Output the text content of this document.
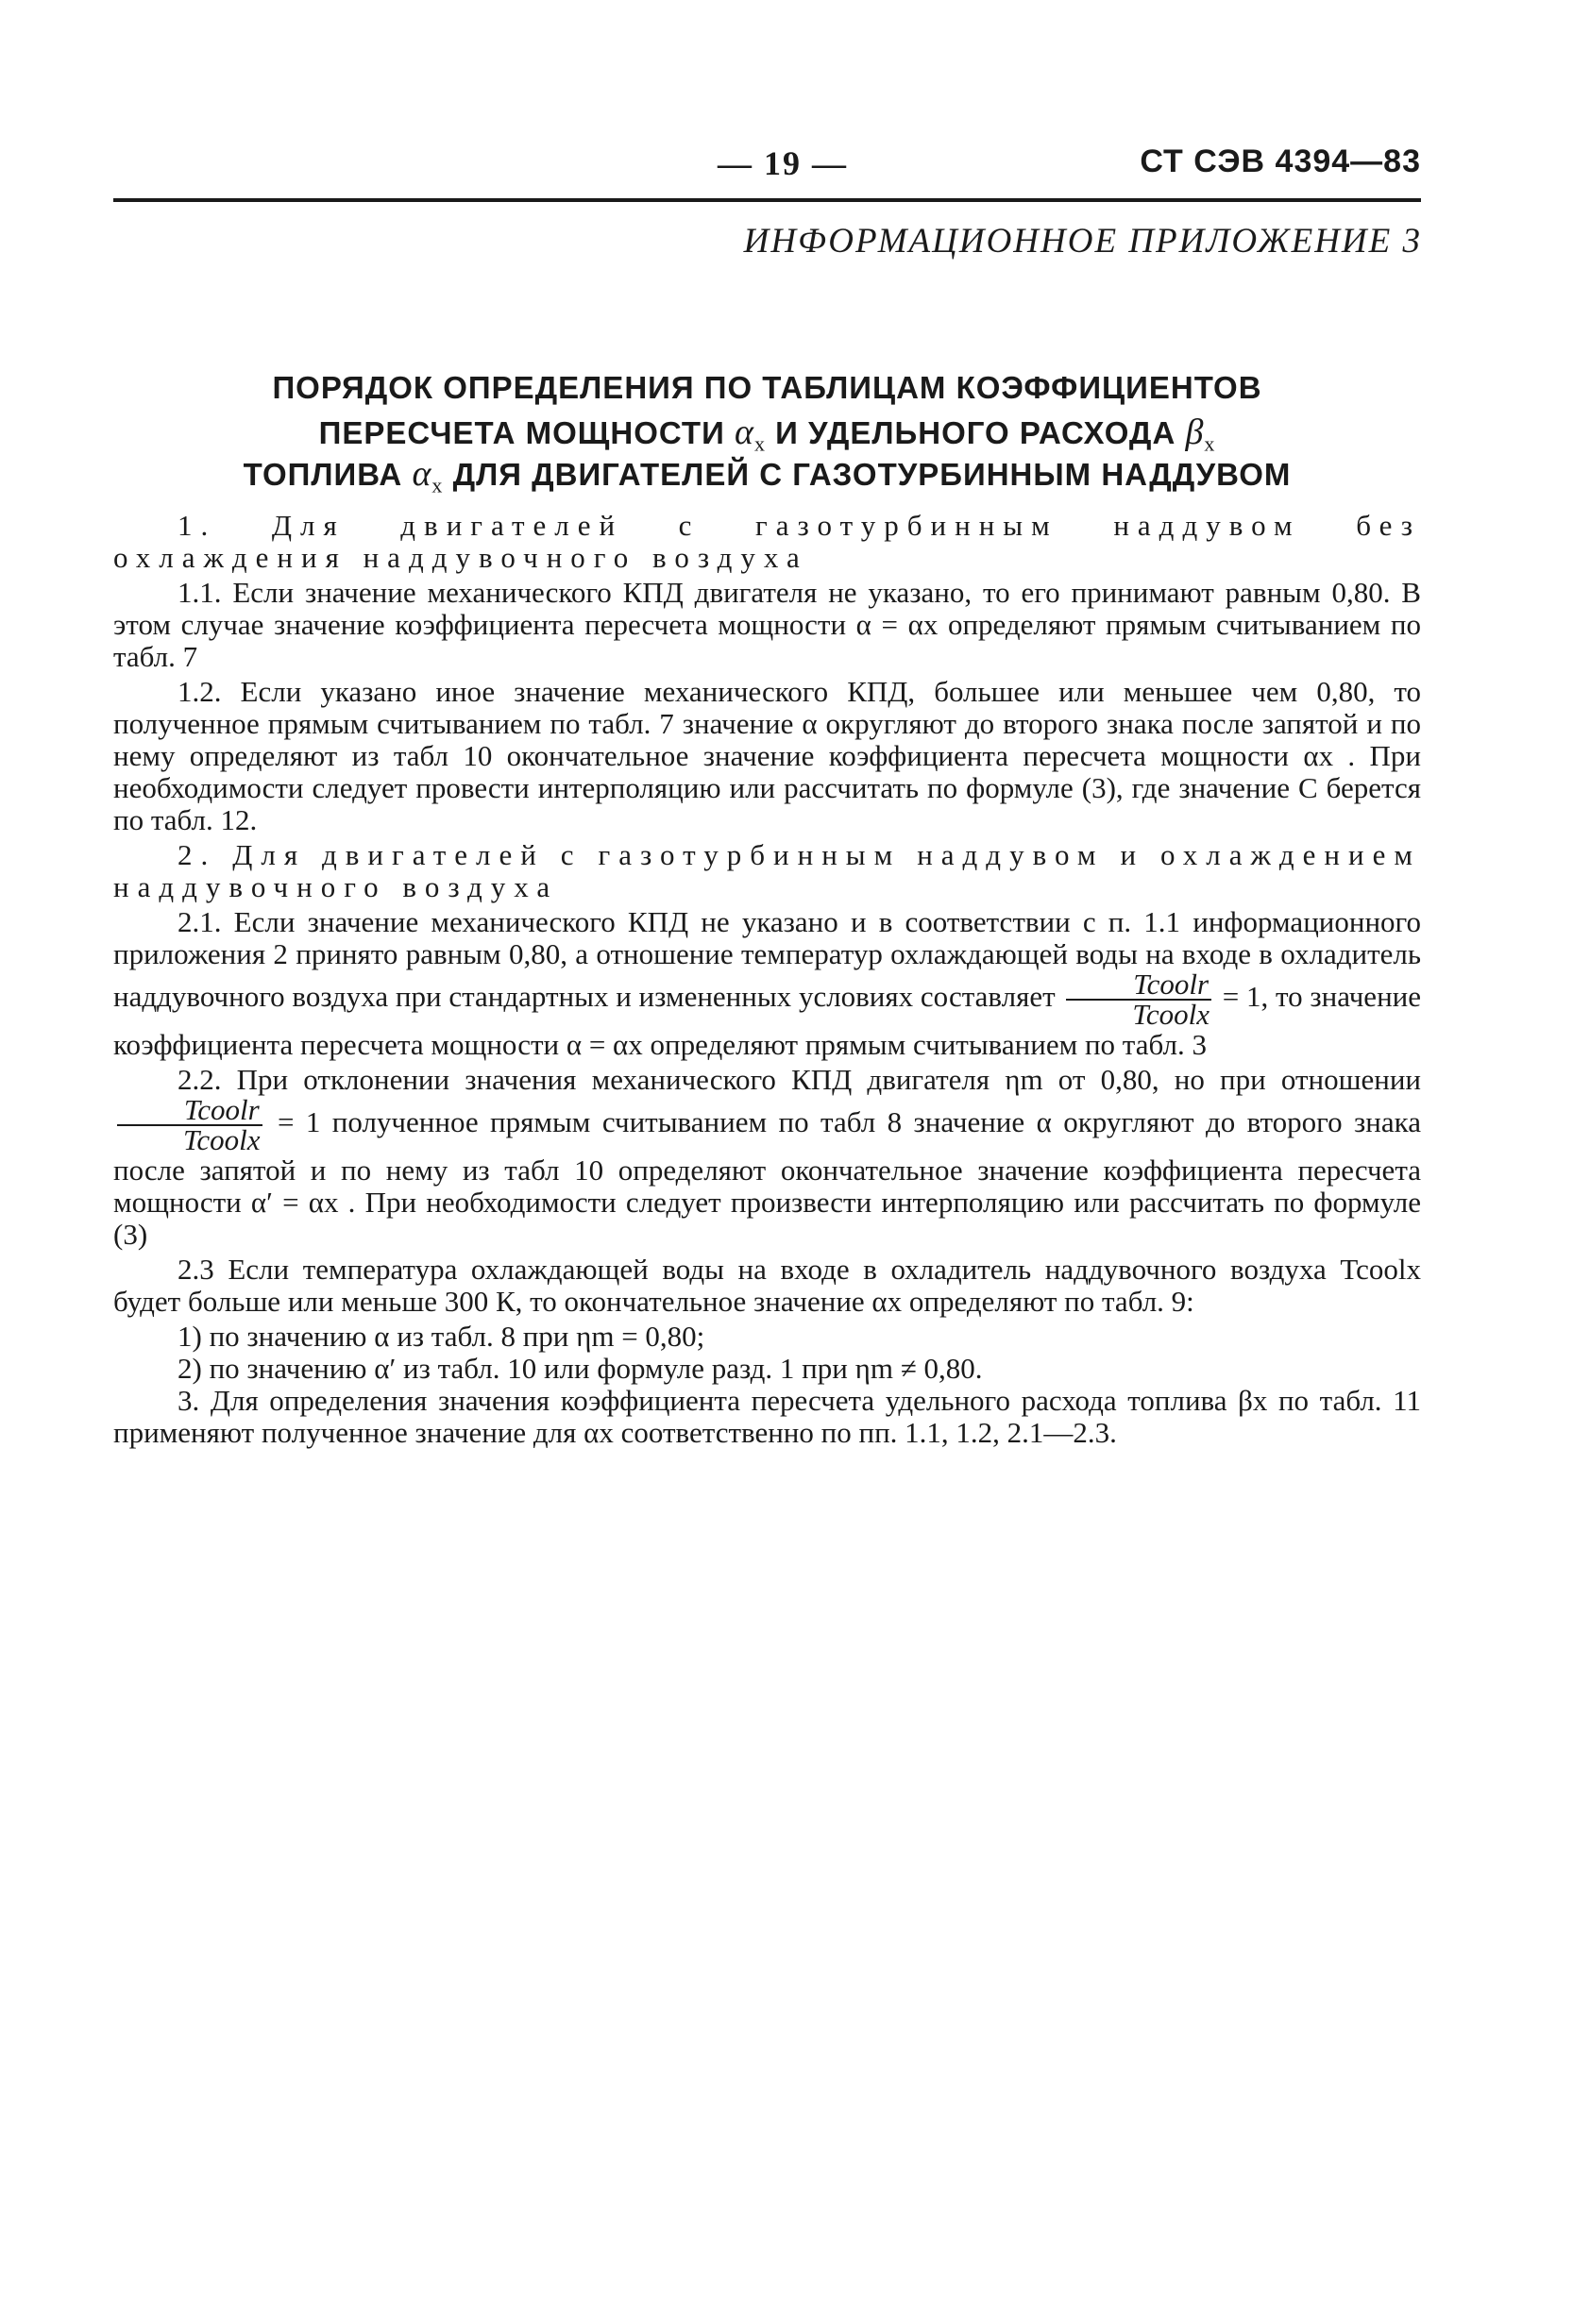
— 19 —	СТ СЭВ 4394—83
ИНФОРМАЦИОННОЕ ПРИЛОЖЕНИЕ 3
ПОРЯДОК ОПРЕДЕЛЕНИЯ ПО ТАБЛИЦАМ КОЭФФИЦИЕНТОВ
ПЕРЕСЧЕТА МОЩНОСТИ $\alpha_x$ И УДЕЛЬНОГО РАСХОДА $\beta_x$
ТОПЛИВА $\alpha_x$ ДЛЯ ДВИГАТЕЛЕЙ С ГАЗОТУРБИННЫМ НАДДУВОМ

1. Для двигателей с газотурбинным наддувом без охлаждения наддувочного воздуха

1.1. Если значение механического КПД двигателя не указано, то его принимают равным 0,80. В этом случае значение коэффициента пересчета мощности α = αx определяют прямым считыванием по табл. 7

1.2. Если указано иное значение механического КПД, большее или меньшее чем 0,80, то полученное прямым считыванием по табл. 7 значение α округляют до второго знака после запятой и по нему определяют из табл 10 окончательное значение коэффициента пересчета мощности αx . При необходимости следует провести интерполяцию или рассчитать по формуле (3), где значение C берется по табл. 12.

2. Для двигателей с газотурбинным наддувом и охлаждением наддувочного воздуха

2.1. Если значение механического КПД не указано и в соответствии с п. 1.1 информационного приложения 2 принято равным 0,80, а отношение температур охлаждающей воды на входе в охладитель наддувочного воздуха при стандартных и измененных условиях составляет $\frac{\text{Tcoolr}}{\text{Tcoolx}} = 1$, то значение коэффициента пересчета мощности α = αx определяют прямым считыванием по табл. 3

2.2. При отклонении значения механического КПД двигателя ηm от 0,80, но при отношении
$\frac{\text{Tcoolr}}{\text{Tcoolx}} = 1$ полученное прямым считыванием по табл 8 значение α округляют до второго знака после запятой и по нему из табл 10 определяют окончательное значение коэффициента пересчета мощности α′ = αx . При необходимости следует произвести интерполяцию или рассчитать по формуле (3)

2.3 Если температура охлаждающей воды на входе в охладитель наддувочного воздуха Tcoolx будет больше или меньше 300 К, то окончательное значение αx определяют по табл. 9:

1) по значению α из табл. 8 при ηm = 0,80;

2) по значению α′ из табл. 10 или формуле разд. 1 при ηm ≠ 0,80.

3. Для определения значения коэффициента пересчета удельного расхода топлива βx по табл. 11 применяют полученное значение для αx соответственно по пп. 1.1, 1.2, 2.1—2.3.
